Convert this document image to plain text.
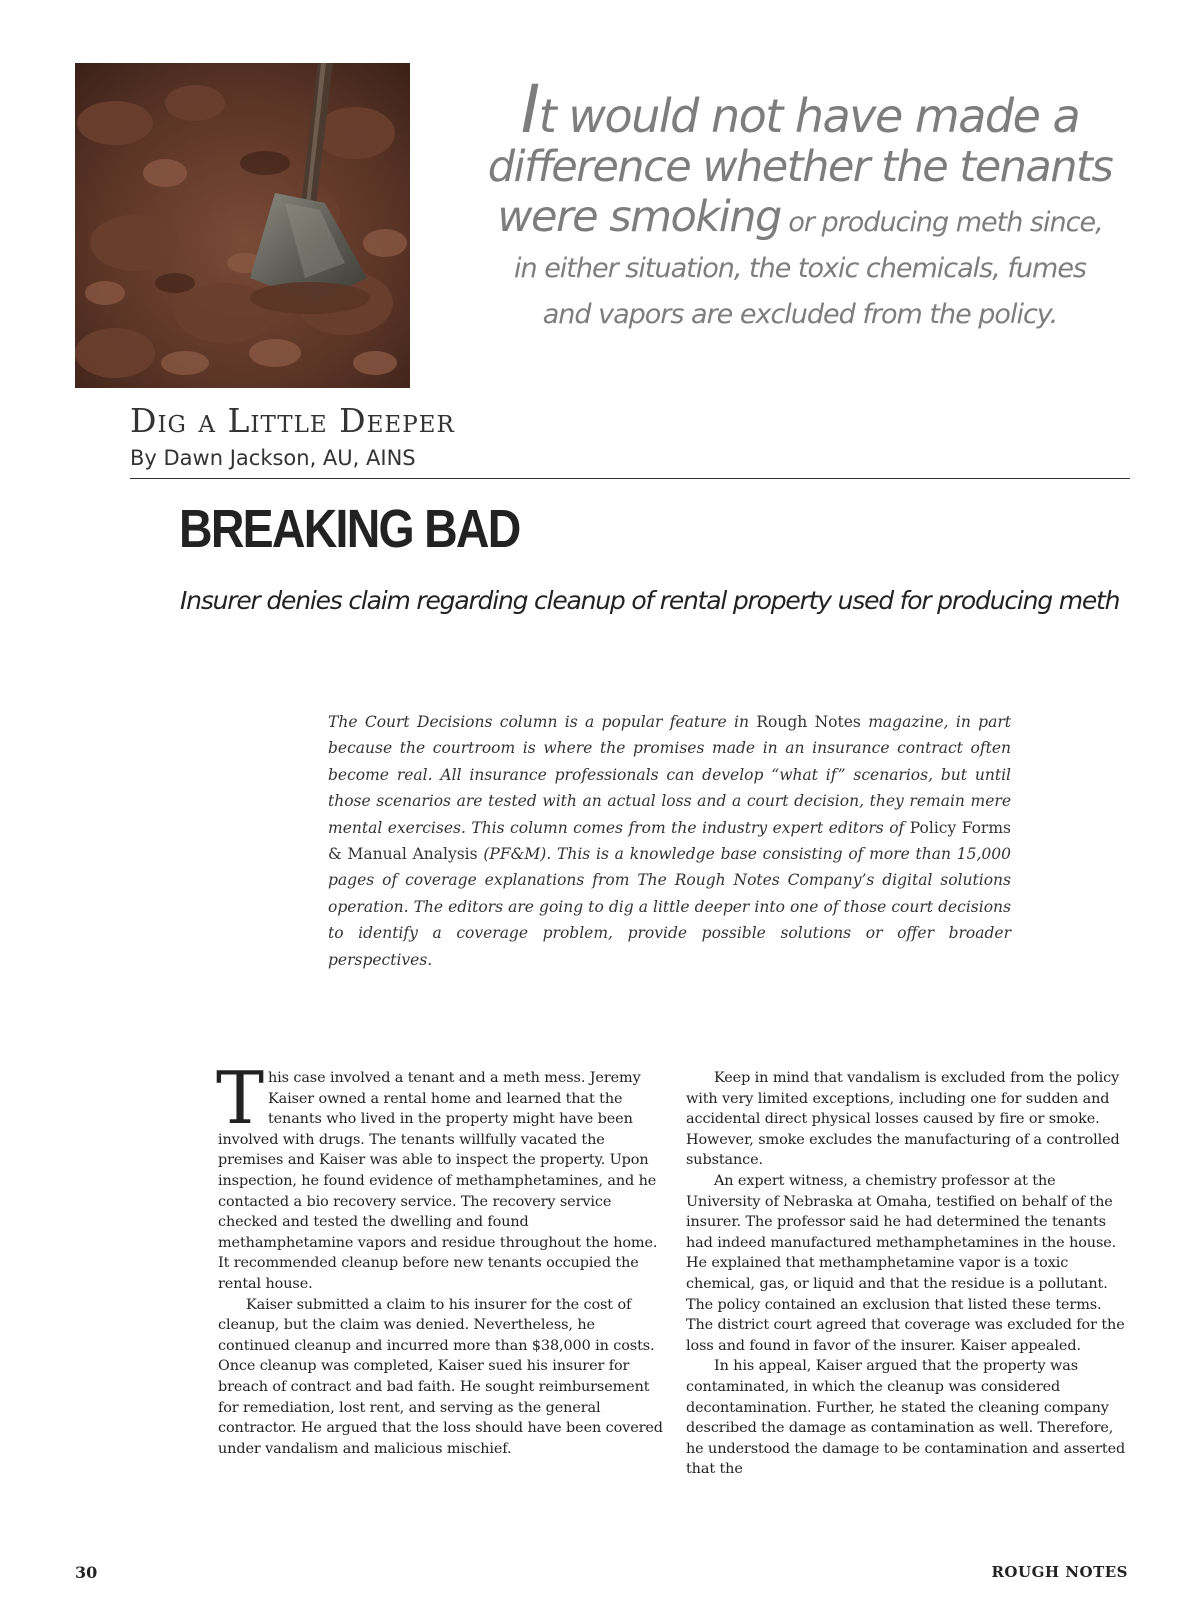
It would not have made a
difference whether the tenants
were smoking or producing meth since,
in either situation, the toxic chemicals, fumes
and vapors are excluded from the policy.
Dig a Little Deeper
By Dawn Jackson, AU, AINS
BREAKING BAD
Insurer denies claim regarding cleanup of rental property used for producing meth

The Court Decisions column is a popular feature in Rough Notes magazine, in part because the courtroom is where the promises made in an insurance contract often become real. All insurance professionals can develop “what if” scenarios, but until those scenarios are tested with an actual loss and a court decision, they remain mere mental exercises. This column comes from the industry expert editors of Policy Forms & Manual Analysis (PF&M). This is a knowledge base consisting of more than 15,000 pages of coverage explanations from The Rough Notes Company’s digital solutions operation. The editors are going to dig a little deeper into one of those court decisions to identify a coverage problem, provide possible solutions or offer broader perspectives.

This case involved a tenant and a meth mess. Jeremy Kaiser owned a rental home and learned that the tenants who lived in the property might have been involved with drugs. The tenants willfully vacated the premises and Kaiser was able to inspect the property. Upon inspection, he found evidence of methamphetamines, and he contacted a bio recovery service. The recovery service checked and tested the dwelling and found methamphetamine vapors and residue throughout the home. It recommended cleanup before new tenants occupied the rental house.

Kaiser submitted a claim to his insurer for the cost of cleanup, but the claim was denied. Nevertheless, he continued cleanup and incurred more than $38,000 in costs. Once cleanup was completed, Kaiser sued his insurer for breach of contract and bad faith. He sought reimbursement for remediation, lost rent, and serving as the general contractor. He argued that the loss should have been covered under vandalism and malicious mischief.

Keep in mind that vandalism is excluded from the policy with very limited exceptions, including one for sudden and accidental direct physical losses caused by fire or smoke. However, smoke excludes the manufacturing of a controlled substance.

An expert witness, a chemistry professor at the University of Nebraska at Omaha, testified on behalf of the insurer. The professor said he had determined the tenants had indeed manufactured methamphetamines in the house. He explained that methamphetamine vapor is a toxic chemical, gas, or liquid and that the residue is a pollutant. The policy contained an exclusion that listed these terms. The district court agreed that coverage was excluded for the loss and found in favor of the insurer. Kaiser appealed.

In his appeal, Kaiser argued that the property was contaminated, in which the cleanup was considered decontamination. Further, he stated the cleaning company described the damage as contamination as well. Therefore, he understood the damage to be contamination and asserted that the

30	ROUGH NOTES
